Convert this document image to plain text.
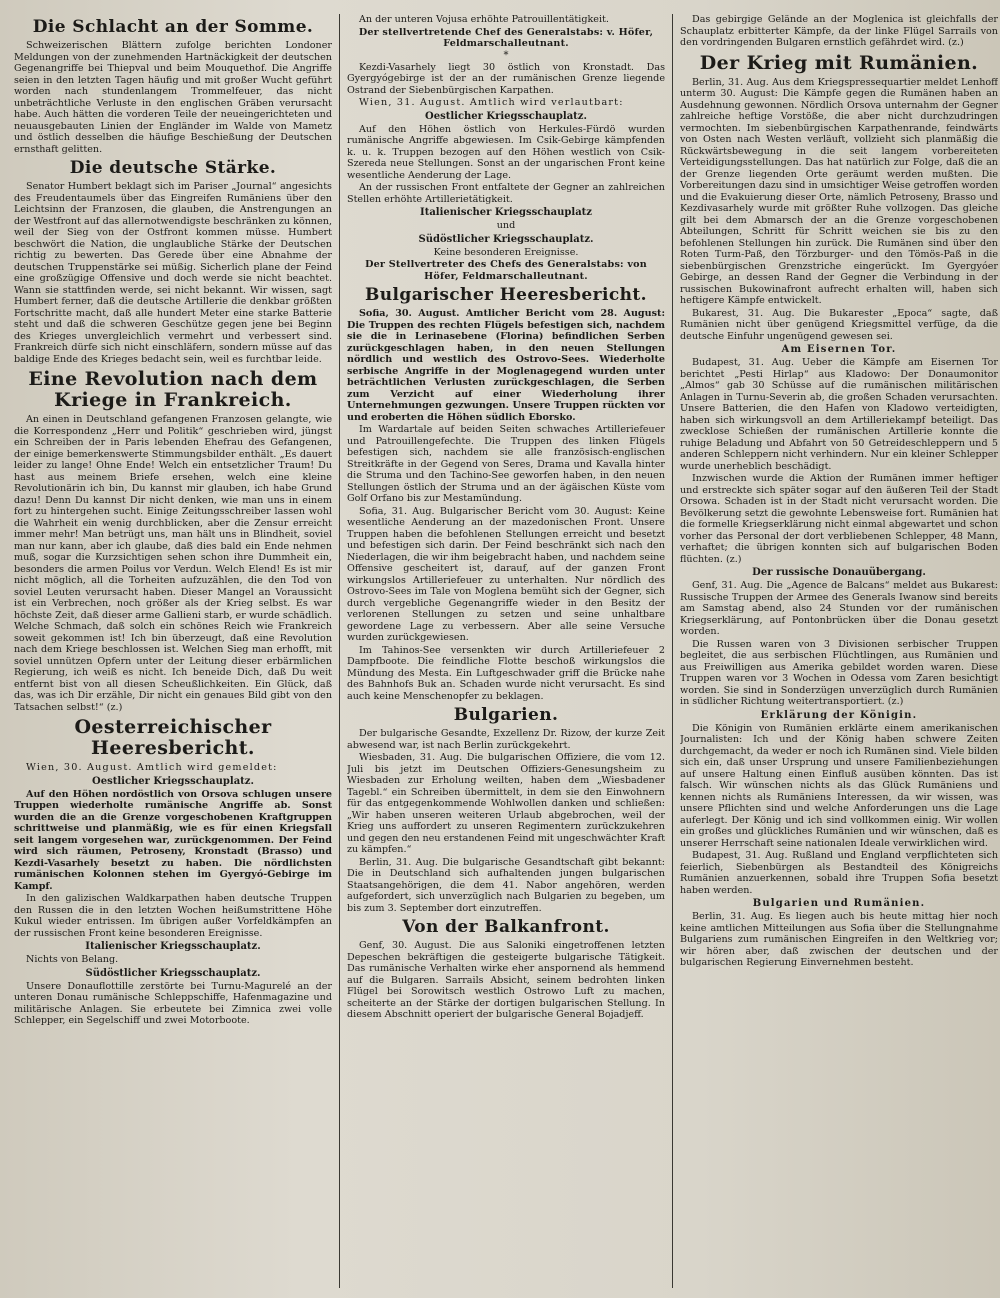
Die Schlacht an der Somme.

Schweizerischen Blättern zufolge berichten Londoner Meldungen von der zunehmenden Hartnäckigkeit der deutschen Gegenangriffe bei Thiepval und beim Mouquethof. Die Angriffe seien in den letzten Tagen häufig und mit großer Wucht geführt worden nach stundenlangem Trommelfeuer, das nicht unbeträchtliche Verluste in den englischen Gräben verursacht habe. Auch hätten die vorderen Teile der neueingerichteten und neuausgebauten Linien der Engländer im Walde von Mametz und östlich desselben die häufige Beschießung der Deutschen ernsthaft gelitten.

Die deutsche Stärke.

Senator Humbert beklagt sich im Pariser „Journal“ angesichts des Freudentaumels über das Eingreifen Rumäniens über den Leichtsinn der Franzosen, die glauben, die Anstrengungen an der Westfront auf das allernotwendigste beschränken zu können, weil der Sieg von der Ostfront kommen müsse. Humbert beschwört die Nation, die unglaubliche Stärke der Deutschen richtig zu bewerten. Das Gerede über eine Abnahme der deutschen Truppenstärke sei müßig. Sicherlich plane der Feind eine großzügige Offensive und doch werde sie nicht beachtet. Wann sie stattfinden werde, sei nicht bekannt. Wir wissen, sagt Humbert ferner, daß die deutsche Artillerie die denkbar größten Fortschritte macht, daß alle hundert Meter eine starke Batterie steht und daß die schweren Geschütze gegen jene bei Beginn des Krieges unvergleichlich vermehrt und verbessert sind. Frankreich dürfe sich nicht einschläfern, sondern müsse auf das baldige Ende des Krieges bedacht sein, weil es furchtbar leide.

Eine Revolution nach dem Kriege in Frankreich.

An einen in Deutschland gefangenen Franzosen gelangte, wie die Korrespondenz „Herr und Politik“ geschrieben wird, jüngst ein Schreiben der in Paris lebenden Ehefrau des Gefangenen, der einige bemerkenswerte Stimmungsbilder enthält. „Es dauert leider zu lange! Ohne Ende! Welch ein entsetzlicher Traum! Du hast aus meinem Briefe ersehen, welch eine kleine Revolutionärin ich bin, Du kannst mir glauben, ich habe Grund dazu! Denn Du kannst Dir nicht denken, wie man uns in einem fort zu hintergehen sucht. Einige Zeitungsschreiber lassen wohl die Wahrheit ein wenig durchblicken, aber die Zensur erreicht immer mehr! Man betrügt uns, man hält uns in Blindheit, soviel man nur kann, aber ich glaube, daß dies bald ein Ende nehmen muß, sogar die Kurzsichtigen sehen schon ihre Dummheit ein, besonders die armen Poilus vor Verdun. Welch Elend! Es ist mir nicht möglich, all die Torheiten aufzuzählen, die den Tod von soviel Leuten verursacht haben. Dieser Mangel an Voraussicht ist ein Verbrechen, noch größer als der Krieg selbst. Es war höchste Zeit, daß dieser arme Gallieni starb, er wurde schädlich. Welche Schmach, daß solch ein schönes Reich wie Frankreich soweit gekommen ist! Ich bin überzeugt, daß eine Revolution nach dem Kriege beschlossen ist. Welchen Sieg man erhofft, mit soviel unnützen Opfern unter der Leitung dieser erbärmlichen Regierung, ich weiß es nicht. Ich beneide Dich, daß Du weit entfernt bist von all diesen Scheußlichkeiten. Ein Glück, daß das, was ich Dir erzähle, Dir nicht ein genaues Bild gibt von den Tatsachen selbst!“ (z.)

Oesterreichischer Heeresbericht.

Wien, 30. August. Amtlich wird gemeldet:

Oestlicher Kriegsschauplatz.

Auf den Höhen nordöstlich von Orsova schlugen unsere Truppen wiederholte rumänische Angriffe ab. Sonst wurden die an die Grenze vorgeschobenen Kraftgruppen schrittweise und planmäßig, wie es für einen Kriegsfall seit langem vorgesehen war, zurückgenommen. Der Feind wird sich räumen, Petroseny, Kronstadt (Brasso) und Kezdi-Vasarhely besetzt zu haben. Die nördlichsten rumänischen Kolonnen stehen im Gyergyó-Gebirge im Kampf.

In den galizischen Waldkarpathen haben deutsche Truppen den Russen die in den letzten Wochen heißumstrittene Höhe Kukul wieder entrissen. Im übrigen außer Vorfeldkämpfen an der russischen Front keine besonderen Ereignisse.

Italienischer Kriegsschauplatz.

Nichts von Belang.

Südöstlicher Kriegsschauplatz.

Unsere Donauflottille zerstörte bei Turnu-Magurelé an der unteren Donau rumänische Schleppschiffe, Hafenmagazine und militärische Anlagen. Sie erbeutete bei Zimnica zwei volle Schlepper, ein Segelschiff und zwei Motorboote.

An der unteren Vojusa erhöhte Patrouillentätigkeit.

Der stellvertretende Chef des Generalstabs: v. Höfer, Feldmarschalleutnant.

*

Kezdi-Vasarhely liegt 30 östlich von Kronstadt. Das Gyergyógebirge ist der an der rumänischen Grenze liegende Ostrand der Siebenbürgischen Karpathen.

Wien, 31. August. Amtlich wird verlautbart:

Oestlicher Kriegsschauplatz.

Auf den Höhen östlich von Herkules-Fürdö wurden rumänische Angriffe abgewiesen. Im Csik-Gebirge kämpfenden k. u. k. Truppen bezogen auf den Höhen westlich von Csik-Szereda neue Stellungen. Sonst an der ungarischen Front keine wesentliche Aenderung der Lage.

An der russischen Front entfaltete der Gegner an zahlreichen Stellen erhöhte Artillerietätigkeit.

Italienischer Kriegsschauplatz

und

Südöstlicher Kriegsschauplatz.

Keine besonderen Ereignisse.

Der Stellvertreter des Chefs des Generalstabs: von Höfer, Feldmarschalleutnant.

Bulgarischer Heeresbericht.

Sofia, 30. August. Amtlicher Bericht vom 28. August: Die Truppen des rechten Flügels befestigen sich, nachdem sie die in Lerinasebene (Florina) befindlichen Serben zurückgeschlagen haben, in den neuen Stellungen nördlich und westlich des Ostrovo-Sees. Wiederholte serbische Angriffe in der Moglenagegend wurden unter beträchtlichen Verlusten zurückgeschlagen, die Serben zum Verzicht auf einer Wiederholung ihrer Unternehmungen gezwungen. Unsere Truppen rückten vor und eroberten die Höhen südlich Eborsko.

Im Wardartale auf beiden Seiten schwaches Artilleriefeuer und Patrouillengefechte. Die Truppen des linken Flügels befestigen sich, nachdem sie alle französisch-englischen Streitkräfte in der Gegend von Seres, Drama und Kavalla hinter die Struma und den Tachino-See geworfen haben, in den neuen Stellungen östlich der Struma und an der ägäischen Küste vom Golf Orfano bis zur Mestamündung.

Sofia, 31. Aug. Bulgarischer Bericht vom 30. August: Keine wesentliche Aenderung an der mazedonischen Front. Unsere Truppen haben die befohlenen Stellungen erreicht und besetzt und befestigen sich darin. Der Feind beschränkt sich nach den Niederlagen, die wir ihm beigebracht haben, und nachdem seine Offensive gescheitert ist, darauf, auf der ganzen Front wirkungslos Artilleriefeuer zu unterhalten. Nur nördlich des Ostrovo-Sees im Tale von Moglena bemüht sich der Gegner, sich durch vergebliche Gegenangriffe wieder in den Besitz der verlorenen Stellungen zu setzen und seine unhaltbare gewordene Lage zu verbessern. Aber alle seine Versuche wurden zurückgewiesen.

Im Tahinos-See versenkten wir durch Artilleriefeuer 2 Dampfboote. Die feindliche Flotte beschoß wirkungslos die Mündung des Mesta. Ein Luftgeschwader griff die Brücke nahe des Bahnhofs Buk an. Schaden wurde nicht verursacht. Es sind auch keine Menschenopfer zu beklagen.

Bulgarien.

Der bulgarische Gesandte, Exzellenz Dr. Rizow, der kurze Zeit abwesend war, ist nach Berlin zurückgekehrt.

Wiesbaden, 31. Aug. Die bulgarischen Offiziere, die vom 12. Juli bis jetzt im Deutschen Offiziers-Genesungsheim zu Wiesbaden zur Erholung weilten, haben dem „Wiesbadener Tagebl.“ ein Schreiben übermittelt, in dem sie den Einwohnern für das entgegenkommende Wohlwollen danken und schließen: „Wir haben unseren weiteren Urlaub abgebrochen, weil der Krieg uns auffordert zu unseren Regimentern zurückzukehren und gegen den neu erstandenen Feind mit ungeschwächter Kraft zu kämpfen.“

Berlin, 31. Aug. Die bulgarische Gesandtschaft gibt bekannt: Die in Deutschland sich aufhaltenden jungen bulgarischen Staatsangehörigen, die dem 41. Nabor angehören, werden aufgefordert, sich unverzüglich nach Bulgarien zu begeben, um bis zum 3. September dort einzutreffen.

Von der Balkanfront.

Genf, 30. August. Die aus Saloniki eingetroffenen letzten Depeschen bekräftigen die gesteigerte bulgarische Tätigkeit. Das rumänische Verhalten wirke eher anspornend als hemmend auf die Bulgaren. Sarrails Absicht, seinem bedrohten linken Flügel bei Sorowitsch westlich Ostrowo Luft zu machen, scheiterte an der Stärke der dortigen bulgarischen Stellung. In diesem Abschnitt operiert der bulgarische General Bojadjeff.

Das gebirgige Gelände an der Moglenica ist gleichfalls der Schauplatz erbitterter Kämpfe, da der linke Flügel Sarrails von den vordringenden Bulgaren ernstlich gefährdet wird. (z.)

Der Krieg mit Rumänien.

Berlin, 31. Aug. Aus dem Kriegspressequartier meldet Lenhoff unterm 30. August: Die Kämpfe gegen die Rumänen haben an Ausdehnung gewonnen. Nördlich Orsova unternahm der Gegner zahlreiche heftige Vorstöße, die aber nicht durchzudringen vermochten. Im siebenbürgischen Karpathenrande, feindwärts von Osten nach Westen verläuft, vollzieht sich planmäßig die Rückwärtsbewegung in die seit langem vorbereiteten Verteidigungsstellungen. Das hat natürlich zur Folge, daß die an der Grenze liegenden Orte geräumt werden mußten. Die Vorbereitungen dazu sind in umsichtiger Weise getroffen worden und die Evakuierung dieser Orte, nämlich Petroseny, Brasso und Kezdivasarhely wurde mit größter Ruhe vollzogen. Das gleiche gilt bei dem Abmarsch der an die Grenze vorgeschobenen Abteilungen, Schritt für Schritt weichen sie bis zu den befohlenen Stellungen hin zurück. Die Rumänen sind über den Roten Turm-Paß, den Törzburger- und den Tömös-Paß in die siebenbürgischen Grenzstriche eingerückt. Im Gyergyóer Gebirge, an dessen Rand der Gegner die Verbindung in der russischen Bukowinafront aufrecht erhalten will, haben sich heftigere Kämpfe entwickelt.

Bukarest, 31. Aug. Die Bukarester „Epoca“ sagte, daß Rumänien nicht über genügend Kriegsmittel verfüge, da die deutsche Einfuhr ungenügend gewesen sei.

Am Eisernen Tor.

Budapest, 31. Aug. Ueber die Kämpfe am Eisernen Tor berichtet „Pesti Hirlap“ aus Kladowo: Der Donaumonitor „Almos“ gab 30 Schüsse auf die rumänischen militärischen Anlagen in Turnu-Severin ab, die großen Schaden verursachten. Unsere Batterien, die den Hafen von Kladowo verteidigten, haben sich wirkungsvoll an dem Artilleriekampf beteiligt. Das zwecklose Schießen der rumänischen Artillerie konnte die ruhige Beladung und Abfahrt von 50 Getreideschleppern und 5 anderen Schleppern nicht verhindern. Nur ein kleiner Schlepper wurde unerheblich beschädigt.

Inzwischen wurde die Aktion der Rumänen immer heftiger und erstreckte sich später sogar auf den äußeren Teil der Stadt Orsowa. Schaden ist in der Stadt nicht verursacht worden. Die Bevölkerung setzt die gewohnte Lebensweise fort. Rumänien hat die formelle Kriegserklärung nicht einmal abgewartet und schon vorher das Personal der dort verbliebenen Schlepper, 48 Mann, verhaftet; die übrigen konnten sich auf bulgarischen Boden flüchten. (z.)

Der russische Donauübergang.

Genf, 31. Aug. Die „Agence de Balcans“ meldet aus Bukarest: Russische Truppen der Armee des Generals Iwanow sind bereits am Samstag abend, also 24 Stunden vor der rumänischen Kriegserklärung, auf Pontonbrücken über die Donau gesetzt worden.

Die Russen waren von 3 Divisionen serbischer Truppen begleitet, die aus serbischen Flüchtlingen, aus Rumänien und aus Freiwilligen aus Amerika gebildet worden waren. Diese Truppen waren vor 3 Wochen in Odessa vom Zaren besichtigt worden. Sie sind in Sonderzügen unverzüglich durch Rumänien in südlicher Richtung weitertransportiert. (z.)

Erklärung der Königin.

Die Königin von Rumänien erklärte einem amerikanischen Journalisten: Ich und der König haben schwere Zeiten durchgemacht, da weder er noch ich Rumänen sind. Viele bilden sich ein, daß unser Ursprung und unsere Familienbeziehungen auf unsere Haltung einen Einfluß ausüben könnten. Das ist falsch. Wir wünschen nichts als das Glück Rumäniens und kennen nichts als Rumäniens Interessen, da wir wissen, was unsere Pflichten sind und welche Anforderungen uns die Lage auferlegt. Der König und ich sind vollkommen einig. Wir wollen ein großes und glückliches Rumänien und wir wünschen, daß es unserer Herrschaft seine nationalen Ideale verwirklichen wird.

Budapest, 31. Aug. Rußland und England verpflichteten sich feierlich, Siebenbürgen als Bestandteil des Königreichs Rumänien anzuerkennen, sobald ihre Truppen Sofia besetzt haben werden.

Bulgarien und Rumänien.

Berlin, 31. Aug. Es liegen auch bis heute mittag hier noch keine amtlichen Mitteilungen aus Sofia über die Stellungnahme Bulgariens zum rumänischen Eingreifen in den Weltkrieg vor; wir hören aber, daß zwischen der deutschen und der bulgarischen Regierung Einvernehmen besteht.
